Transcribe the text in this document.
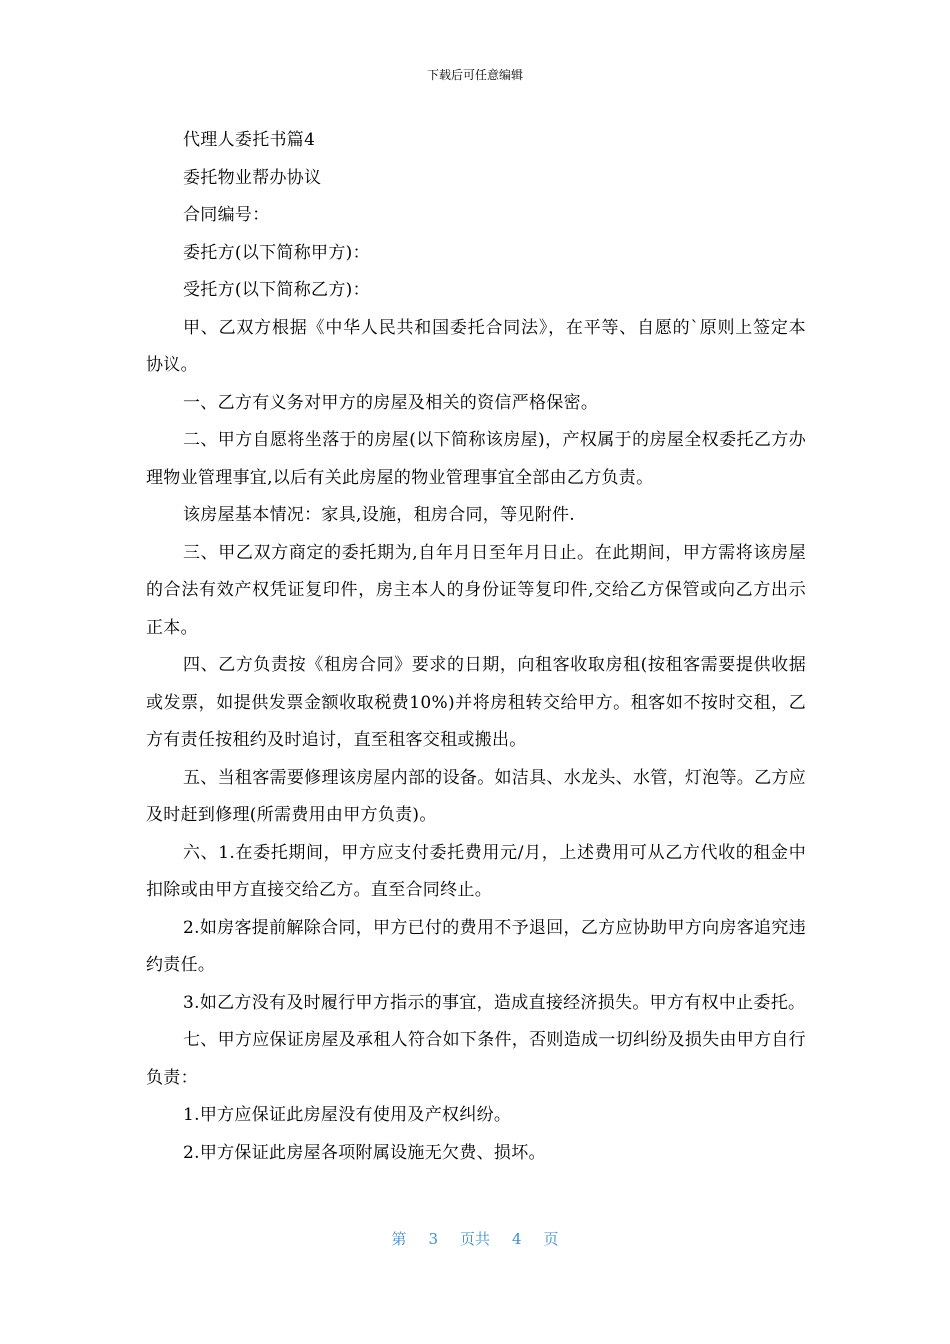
下载后可任意编辑

代理人委托书篇4

委托物业帮办协议

合同编号：

委托方(以下简称甲方)：

受托方(以下简称乙方)：

甲、乙双方根据《中华人民共和国委托合同法》，在平等、自愿的`原则上签定本协议。

一、乙方有义务对甲方的房屋及相关的资信严格保密。

二、甲方自愿将坐落于的房屋(以下简称该房屋)，产权属于的房屋全权委托乙方办理物业管理事宜,以后有关此房屋的物业管理事宜全部由乙方负责。

该房屋基本情况：家具,设施，租房合同，等见附件.

三、甲乙双方商定的委托期为,自年月日至年月日止。在此期间，甲方需将该房屋的合法有效产权凭证复印件，房主本人的身份证等复印件,交给乙方保管或向乙方出示正本。

四、乙方负责按《租房合同》要求的日期，向租客收取房租(按租客需要提供收据或发票，如提供发票金额收取税费10%)并将房租转交给甲方。租客如不按时交租，乙方有责任按租约及时追讨，直至租客交租或搬出。

五、当租客需要修理该房屋内部的设备。如洁具、水龙头、水管，灯泡等。乙方应及时赶到修理(所需费用由甲方负责)。

六、1.在委托期间，甲方应支付委托费用元/月，上述费用可从乙方代收的租金中扣除或由甲方直接交给乙方。直至合同终止。

2.如房客提前解除合同，甲方已付的费用不予退回，乙方应协助甲方向房客追究违约责任。

3.如乙方没有及时履行甲方指示的事宜，造成直接经济损失。甲方有权中止委托。

七、甲方应保证房屋及承租人符合如下条件，否则造成一切纠纷及损失由甲方自行负责：

1.甲方应保证此房屋没有使用及产权纠纷。

2.甲方保证此房屋各项附属设施无欠费、损坏。

第 3 页共 4 页
